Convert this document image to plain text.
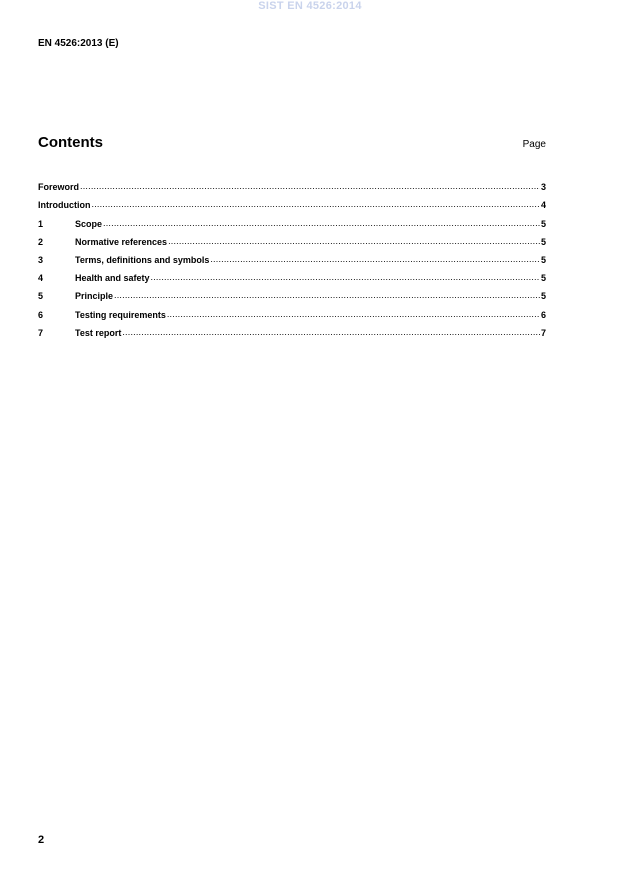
SIST EN 4526:2014
EN 4526:2013 (E)
Contents	Page
Foreword .....	3
Introduction .....	4
1	Scope .....	5
2	Normative references .....	5
3	Terms, definitions and symbols .....	5
4	Health and safety .....	5
5	Principle .....	5
6	Testing requirements .....	6
7	Test report .....	7
2
